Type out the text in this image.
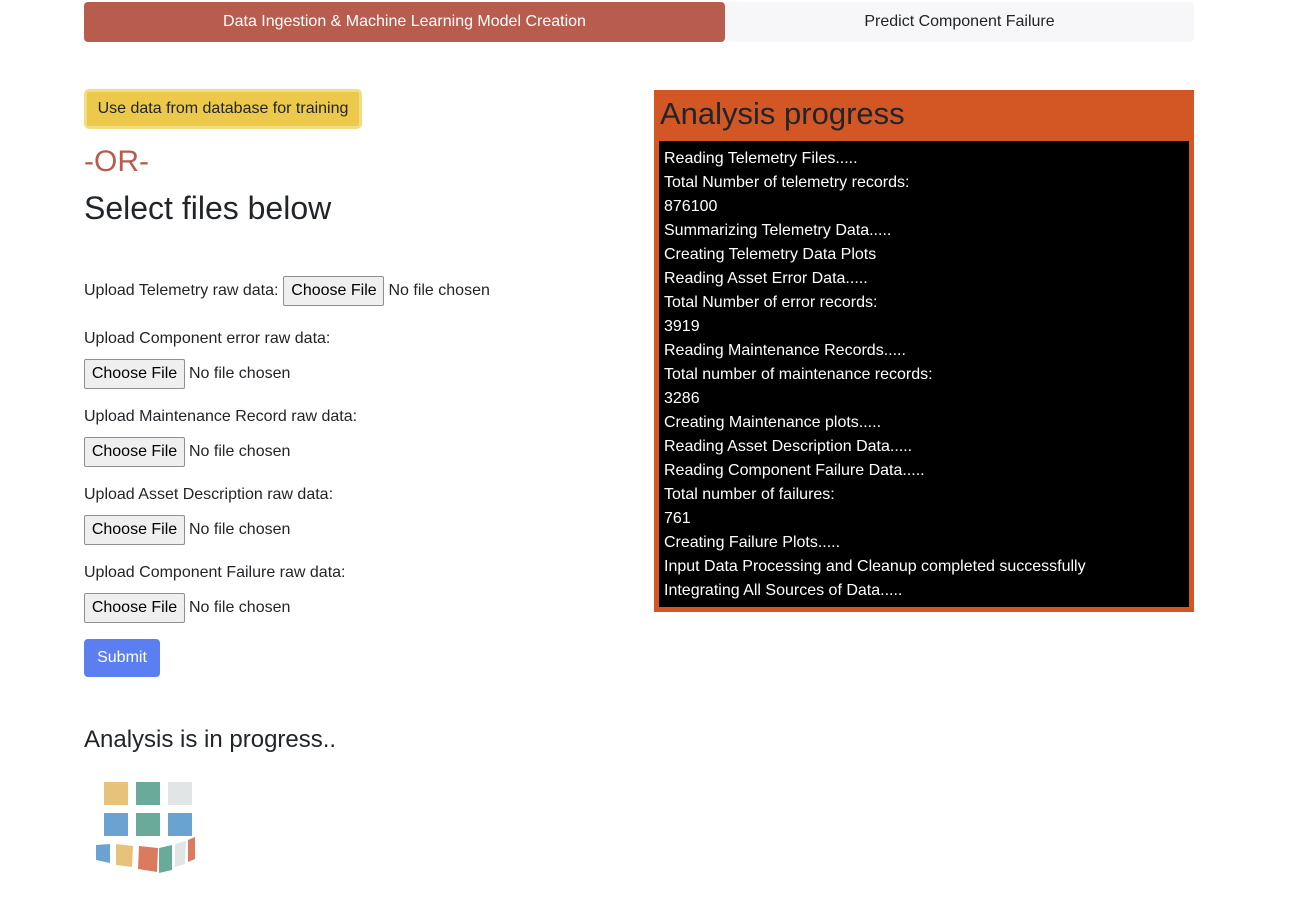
Data Ingestion & Machine Learning Model Creation	Predict Component Failure
Use data from database for training
-OR-
Select files below
Upload Telemetry raw data: Choose File No file chosen
Upload Component error raw data:
Choose File No file chosen
Upload Maintenance Record raw data:
Choose File No file chosen
Upload Asset Description raw data:
Choose File No file chosen
Upload Component Failure raw data:
Choose File No file chosen
Submit
Analysis is in progress..
Analysis progress
Reading Telemetry Files.....
Total Number of telemetry records:
876100
Summarizing Telemetry Data.....
Creating Telemetry Data Plots
Reading Asset Error Data.....
Total Number of error records:
3919
Reading Maintenance Records.....
Total number of maintenance records:
3286
Creating Maintenance plots.....
Reading Asset Description Data.....
Reading Component Failure Data.....
Total number of failures:
761
Creating Failure Plots.....
Input Data Processing and Cleanup completed successfully
Integrating All Sources of Data.....
